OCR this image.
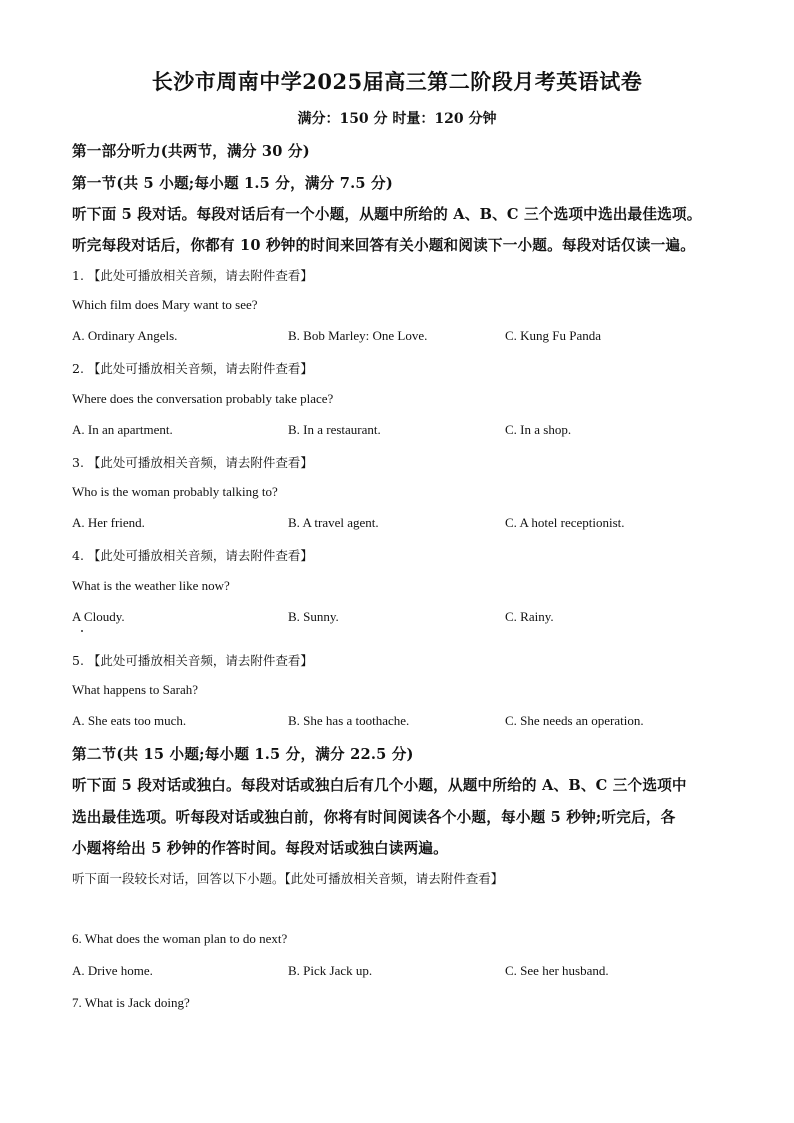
长沙市周南中学2025届高三第二阶段月考英语试卷
满分：150 分 时量：120 分钟
第一部分听力(共两节，满分 30 分)
第一节(共 5 小题;每小题 1.5 分，满分 7.5 分)
听下面 5 段对话。每段对话后有一个小题，从题中所给的 A、B、C 三个选项中选出最佳选项。
听完每段对话后，你都有 10 秒钟的时间来回答有关小题和阅读下一小题。每段对话仅读一遍。
1. 【此处可播放相关音频，请去附件查看】
Which film does Mary want to see?
A. Ordinary Angels.	B. Bob Marley: One Love.	C. Kung Fu Panda
2. 【此处可播放相关音频，请去附件查看】
Where does the conversation probably take place?
A. In an apartment.	B. In a restaurant.	C. In a shop.
3. 【此处可播放相关音频，请去附件查看】
Who is the woman probably talking to?
A. Her friend.	B. A travel agent.	C. A hotel receptionist.
4. 【此处可播放相关音频，请去附件查看】
What is the weather like now?
A Cloudy.	B. Sunny.	C. Rainy.
5. 【此处可播放相关音频，请去附件查看】
What happens to Sarah?
A. She eats too much.	B. She has a toothache.	C. She needs an operation.
第二节(共 15 小题;每小题 1.5 分，满分 22.5 分)
听下面 5 段对话或独白。每段对话或独白后有几个小题，从题中所给的 A、B、C 三个选项中
选出最佳选项。听每段对话或独白前，你将有时间阅读各个小题，每小题 5 秒钟;听完后，各
小题将给出 5 秒钟的作答时间。每段对话或独白读两遍。
听下面一段较长对话，回答以下小题。【此处可播放相关音频，请去附件查看】
6. What does the woman plan to do next?
A. Drive home.	B. Pick Jack up.	C. See her husband.
7. What is Jack doing?
